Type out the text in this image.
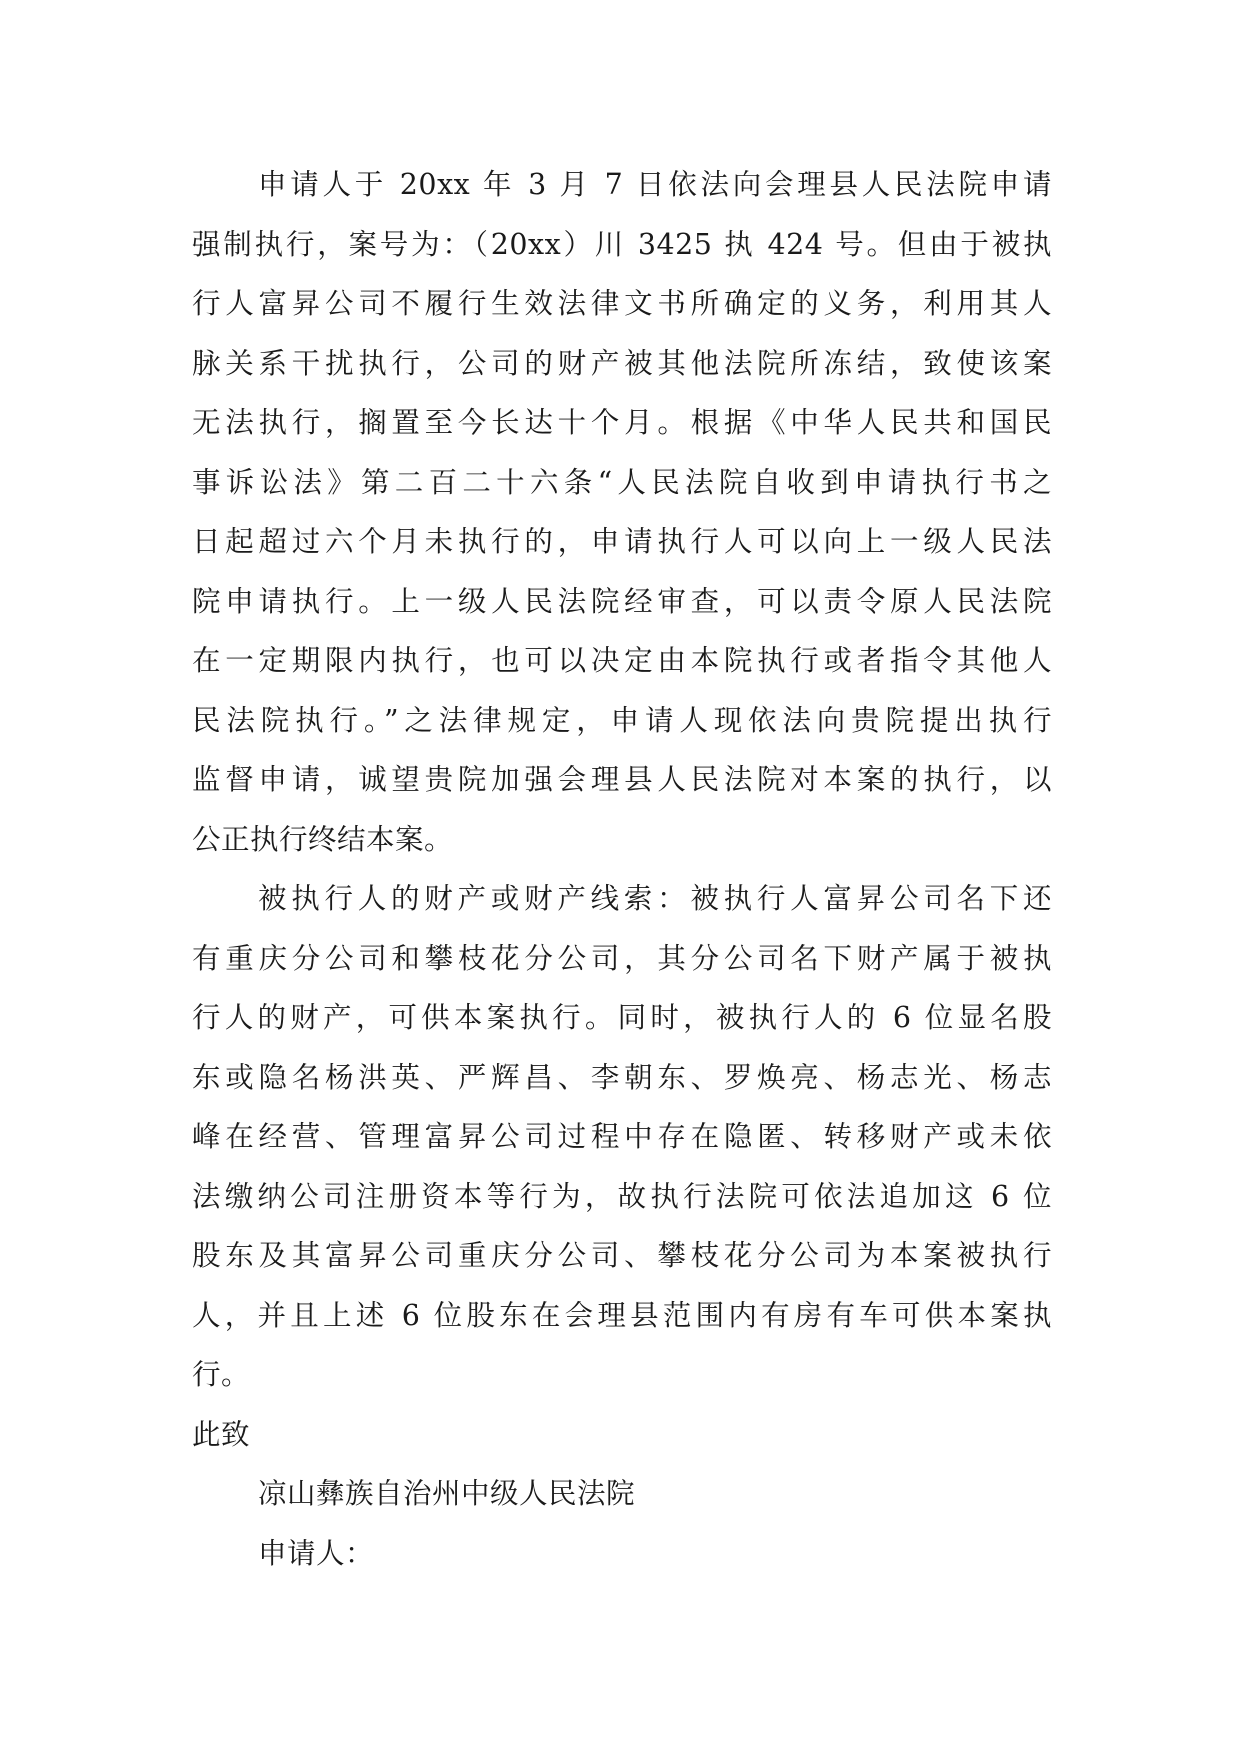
申请人于 20xx 年 3 月 7 日依法向会理县人民法院申请
强制执行，案号为：（20xx）川 3425 执 424 号。但由于被执
行人富昇公司不履行生效法律文书所确定的义务，利用其人
脉关系干扰执行，公司的财产被其他法院所冻结，致使该案
无法执行，搁置至今长达十个月。根据《中华人民共和国民
事诉讼法》第二百二十六条“人民法院自收到申请执行书之
日起超过六个月未执行的，申请执行人可以向上一级人民法
院申请执行。上一级人民法院经审查，可以责令原人民法院
在一定期限内执行，也可以决定由本院执行或者指令其他人
民法院执行。”之法律规定，申请人现依法向贵院提出执行
监督申请，诚望贵院加强会理县人民法院对本案的执行，以
公正执行终结本案。
被执行人的财产或财产线索：被执行人富昇公司名下还
有重庆分公司和攀枝花分公司，其分公司名下财产属于被执
行人的财产，可供本案执行。同时，被执行人的 6 位显名股
东或隐名杨洪英、严辉昌、李朝东、罗焕亮、杨志光、杨志
峰在经营、管理富昇公司过程中存在隐匿、转移财产或未依
法缴纳公司注册资本等行为，故执行法院可依法追加这 6 位
股东及其富昇公司重庆分公司、攀枝花分公司为本案被执行
人，并且上述 6 位股东在会理县范围内有房有车可供本案执
行。
此致
凉山彝族自治州中级人民法院
申请人：
